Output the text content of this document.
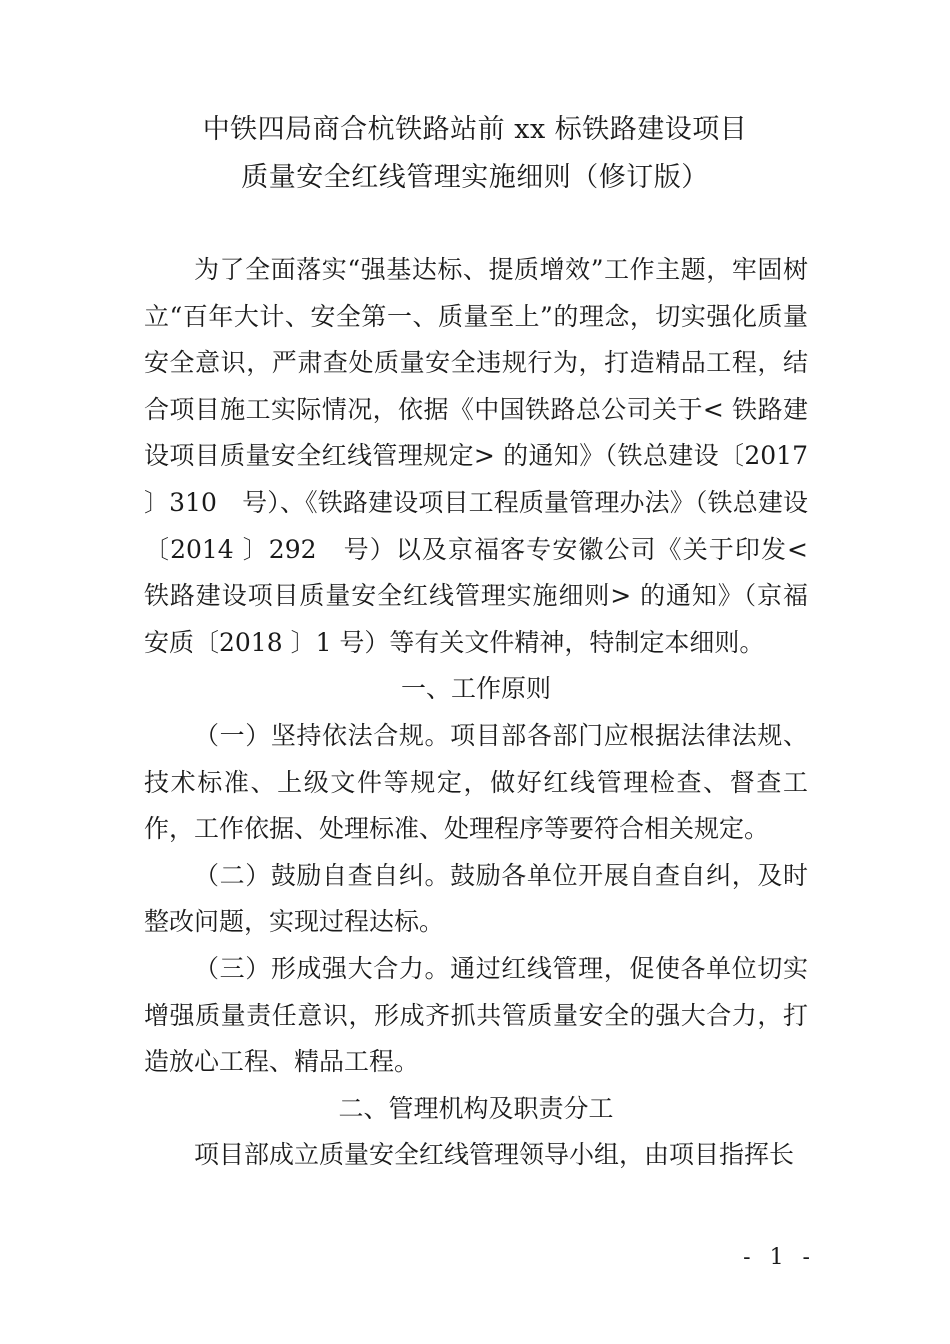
中铁四局商合杭铁路站前 xx 标铁路建设项目
质量安全红线管理实施细则（修订版）

为了全面落实“强基达标、提质增效”工作主题，牢固树立“百年大计、安全第一、质量至上”的理念，切实强化质量安全意识，严肃查处质量安全违规行为，打造精品工程，结合项目施工实际情况，依据《中国铁路总公司关于< 铁路建设项目质量安全红线管理规定> 的通知》（铁总建设〔2017 〕310　号）、《铁路建设项目工程质量管理办法》（铁总建设〔2014 〕292　号）以及京福客专安徽公司《关于印发< 铁路建设项目质量安全红线管理实施细则> 的通知》（京福安质〔2018 〕1 号）等有关文件精神，特制定本细则。

一、工作原则

（一）坚持依法合规。项目部各部门应根据法律法规、技术标准、上级文件等规定，做好红线管理检查、督查工作，工作依据、处理标准、处理程序等要符合相关规定。

（二）鼓励自查自纠。鼓励各单位开展自查自纠，及时整改问题，实现过程达标。

（三）形成强大合力。通过红线管理，促使各单位切实增强质量责任意识，形成齐抓共管质量安全的强大合力，打造放心工程、精品工程。

二、管理机构及职责分工

项目部成立质量安全红线管理领导小组，由项目指挥长

- 1 -
